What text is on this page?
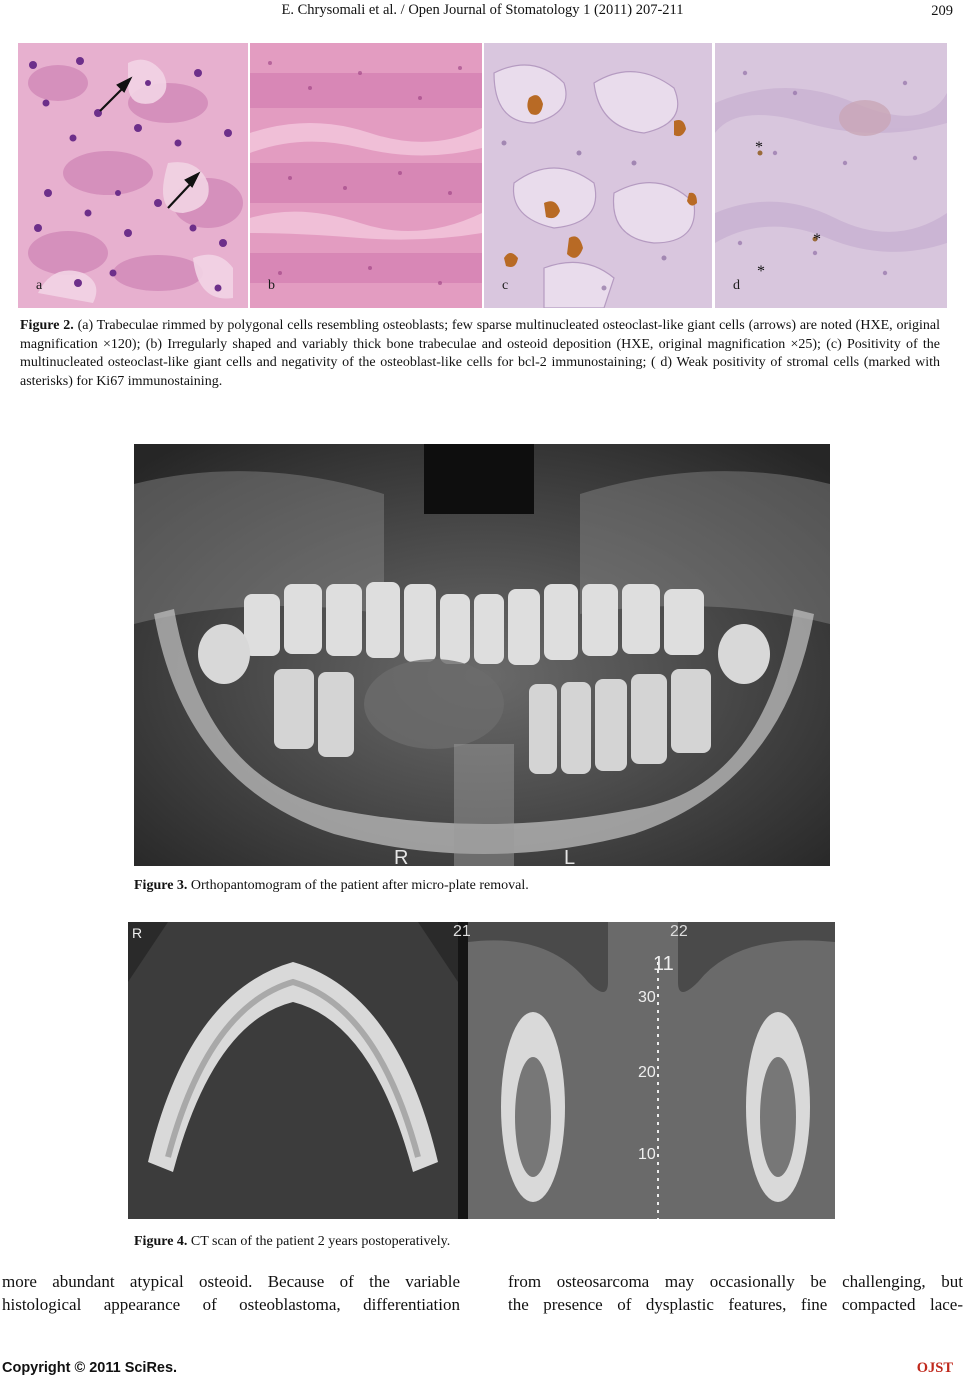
E. Chrysomali et al. / Open Journal of Stomatology 1 (2011) 207-211	209
a	b	c
*
*
*
d
Figure 2. (a) Trabeculae rimmed by polygonal cells resembling osteoblasts; few sparse multinucleated osteoclast-like giant cells (arrows) are noted (HXE, original magnification ×120); (b) Irregularly shaped and variably thick bone trabeculae and osteoid deposition (HXE, original magnification ×25); (c) Positivity of the multinucleated osteoclast-like giant cells and negativity of the osteoblast-like cells for bcl-2 immunostaining; ( d) Weak positivity of stromal cells (marked with asterisks) for Ki67 immunostaining.
R	L
Figure 3. Orthopantomogram of the patient after micro-plate removal.
R	22
21
11
30
20
10
Figure 4. CT scan of the patient 2 years postoperatively.
more abundant atypical osteoid. Because of the variable
histological appearance of osteoblastoma, differentiation
from osteosarcoma may occasionally be challenging, but
the presence of dysplastic features, fine compacted lace-
Copyright © 2011 SciRes.	OJST
